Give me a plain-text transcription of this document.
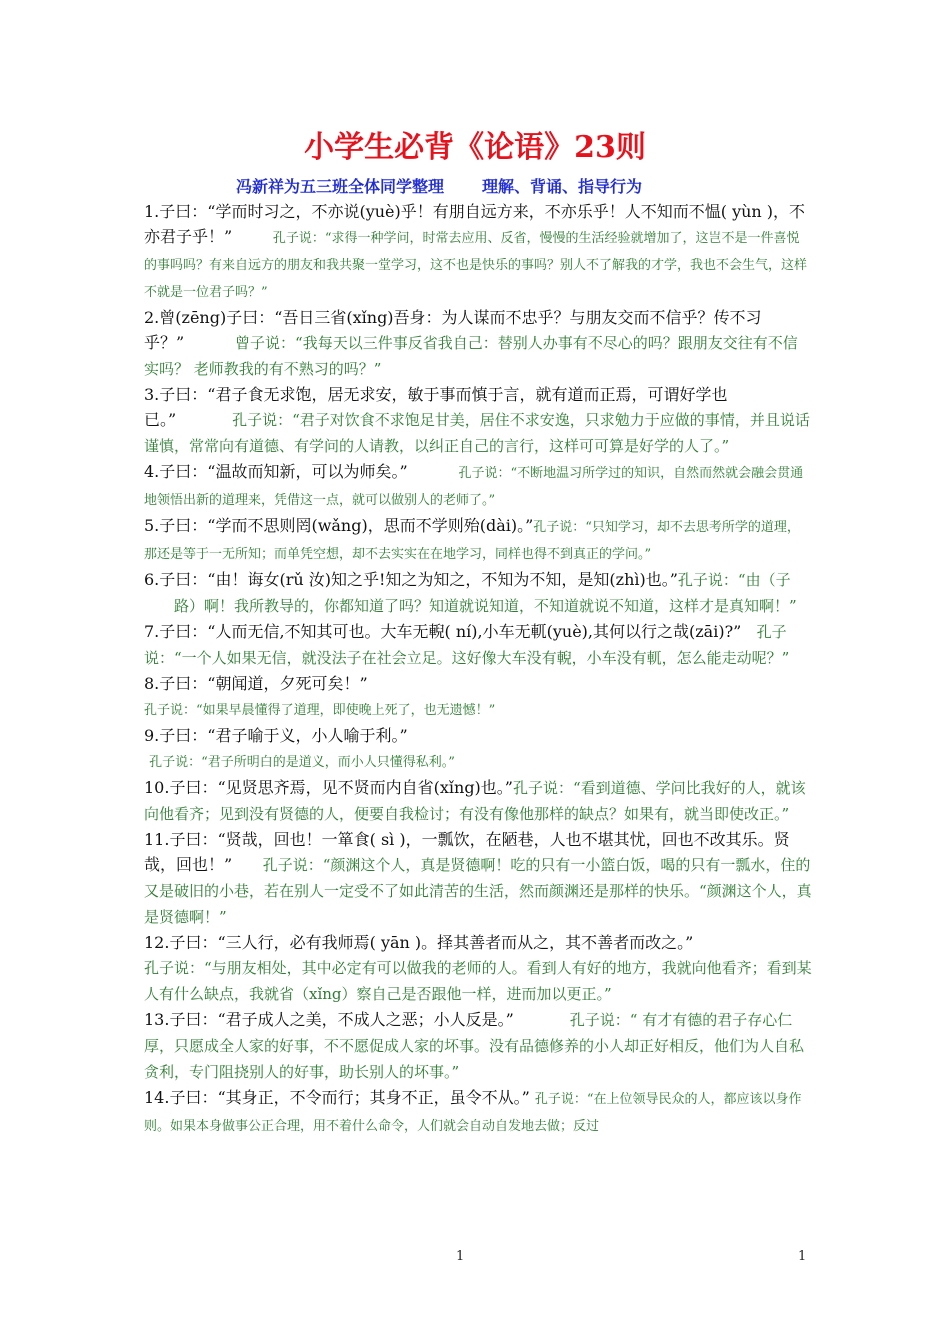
小学生必背《论语》23则
冯新祥为五三班全体同学整理 理解、背诵、指导行为

1.子曰：“学而时习之，不亦说(yuè)乎！有朋自远方来，不亦乐乎！人不知而不愠( yùn )，不亦君子乎！”	孔子说：“求得一种学问，时常去应用、反省，慢慢的生活经验就增加了，这岂不是一件喜悦的事吗吗？有来自远方的朋友和我共聚一堂学习，这不也是快乐的事吗？别人不了解我的才学，我也不会生气，这样不就是一位君子吗？”

2.曾(zēng)子曰：“吾日三省(xǐng)吾身：为人谋而不忠乎？与朋友交而不信乎？传不习乎？”	曾子说：“我每天以三件事反省我自己：替别人办事有不尽心的吗？跟朋友交往有不信实吗？ 老师教我的有不熟习的吗？”

3.子曰：“君子食无求饱，居无求安，敏于事而慎于言，就有道而正焉，可谓好学也已。”	孔子说：“君子对饮食不求饱足甘美，居住不求安逸，只求勉力于应做的事情，并且说话谨慎，常常向有道德、有学问的人请教，以纠正自己的言行，这样可可算是好学的人了。”

4.子曰：“温故而知新，可以为师矣。”	孔子说：“不断地温习所学过的知识，自然而然就会融会贯通地领悟出新的道理来，凭借这一点，就可以做别人的老师了。”

5.子曰：“学而不思则罔(wǎng)，思而不学则殆(dài)。”孔子说：“只知学习，却不去思考所学的道理，那还是等于一无所知；而单凭空想，却不去实实在在地学习，同样也得不到真正的学问。”

6.子曰：“由！诲女(rǔ 汝)知之乎!知之为知之，不知为不知，是知(zhì)也。”孔子说：“由（子路）啊！我所教导的，你都知道了吗？知道就说知道，不知道就说不知道，这样才是真知啊！”

7.子曰：“人而无信,不知其可也。大车无輗( ní),小车无軏(yuè),其何以行之哉(zāi)?” 孔子说：“一个人如果无信，就没法子在社会立足。这好像大车没有輗，小车没有軏，怎么能走动呢？”

8.子曰：“朝闻道，夕死可矣！”

孔子说：“如果早晨懂得了道理，即使晚上死了，也无遗憾！”

9.子曰：“君子喻于义，小人喻于利。”

孔子说：“君子所明白的是道义，而小人只懂得私利。”

10.子曰：“见贤思齐焉，见不贤而内自省(xǐng)也。”孔子说：“看到道德、学问比我好的人，就该向他看齐；见到没有贤德的人，便要自我检讨；有没有像他那样的缺点？如果有，就当即使改正。”

11.子曰：“贤哉，回也！一箪食( sì )，一瓢饮，在陋巷，人也不堪其忧，回也不改其乐。贤哉，回也！” 孔子说：“颜渊这个人，真是贤德啊！吃的只有一小篮白饭，喝的只有一瓢水，住的又是破旧的小巷，若在别人一定受不了如此清苦的生活，然而颜渊还是那样的快乐。“颜渊这个人，真是贤德啊！”

12.子曰：“三人行，必有我师焉( yān )。择其善者而从之，其不善者而改之。”

孔子说：“与朋友相处，其中必定有可以做我的老师的人。看到人有好的地方，我就向他看齐；看到某人有什么缺点，我就省（xǐng）察自己是否跟他一样，进而加以更正。”

13.子曰：“君子成人之美，不成人之恶；小人反是。”	孔子说：“ 有才有德的君子存心仁厚，只愿成全人家的好事，不不愿促成人家的坏事。没有品德修养的小人却正好相反，他们为人自私贪利，专门阻挠别人的好事，助长别人的坏事。”

14.子曰：“其身正，不令而行；其身不正，虽令不从。” 孔子说：“在上位领导民众的人，都应该以身作则。如果本身做事公正合理，用不着什么命令，人们就会自动自发地去做；反过

1	1
